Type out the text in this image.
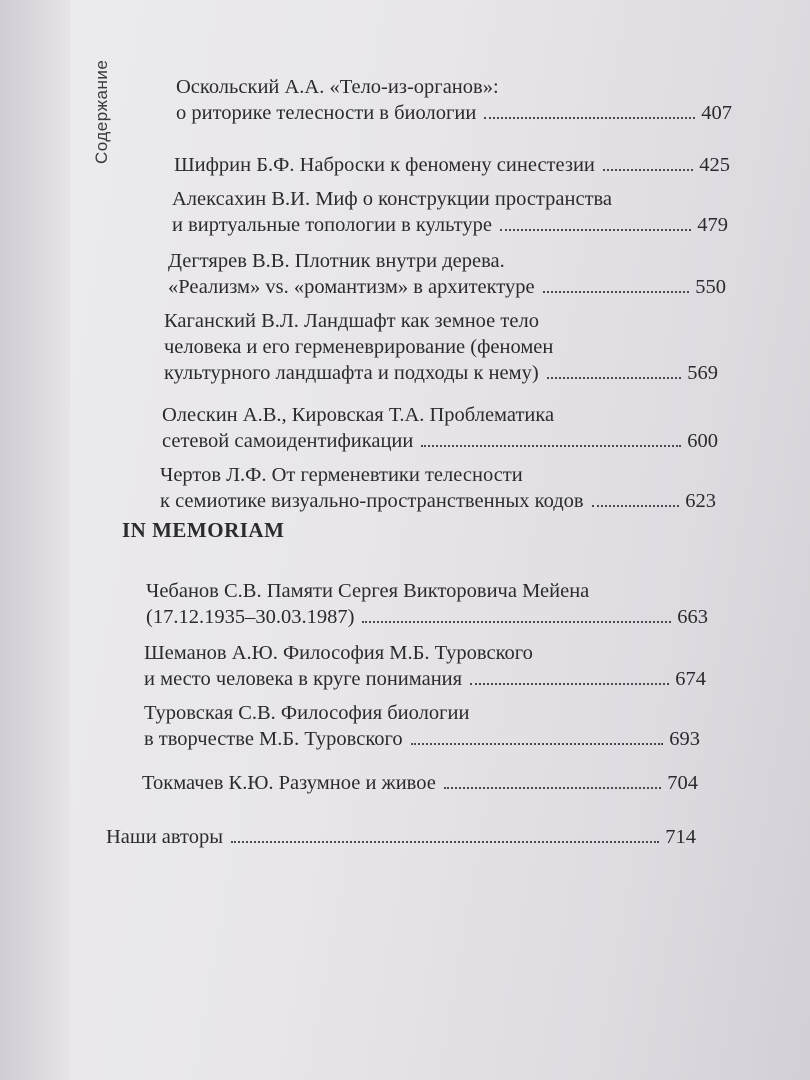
Содержание	Оскольский А.А. «Тело-из-органов»:
о риторике телесности в биологии	407
Шифрин Б.Ф. Наброски к феномену синестезии	425
Алексахин В.И. Миф о конструкции пространства
и виртуальные топологии в культуре	479
Дегтярев В.В. Плотник внутри дерева.
«Реализм» vs. «романтизм» в архитектуре	550
Каганский В.Л. Ландшафт как земное тело
человека и его герменеврирование (феномен
культурного ландшафта и подходы к нему)	569
Олескин А.В., Кировская Т.А. Проблематика
сетевой самоидентификации	600
Чертов Л.Ф. От герменевтики телесности
к семиотике визуально-пространственных кодов	623
IN MEMORIAM
Чебанов С.В. Памяти Сергея Викторовича Мейена
(17.12.1935–30.03.1987)	663
Шеманов А.Ю. Философия М.Б. Туровского
и место человека в круге понимания	674
Туровская С.В. Философия биологии
в творчестве М.Б. Туровского	693
Токмачев К.Ю. Разумное и живое	704
Наши авторы	714
